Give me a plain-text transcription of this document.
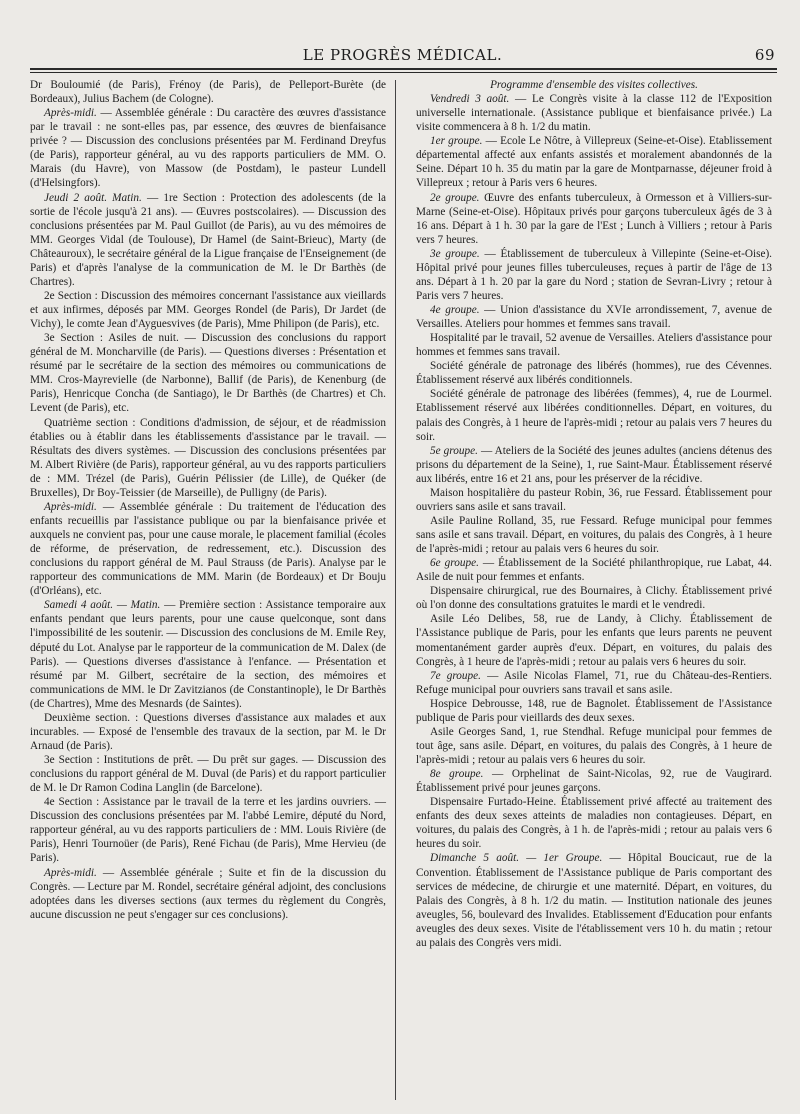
LE PROGRÈS MÉDICAL.	69

Dr Bouloumié (de Paris), Frénoy (de Paris), de Pelleport-Burète (de Bordeaux), Julius Bachem (de Cologne).

Après-midi. — Assemblée générale : Du caractère des œuvres d'assistance par le travail : ne sont-elles pas, par essence, des œuvres de bienfaisance privée ? — Discussion des conclusions présentées par M. Ferdinand Dreyfus (de Paris), rapporteur général, au vu des rapports particuliers de MM. O. Marais (du Havre), von Massow (de Postdam), le pasteur Lundell (d'Helsingfors).

Jeudi 2 août. Matin. — 1re Section : Protection des adolescents (de la sortie de l'école jusqu'à 21 ans). — Œuvres postscolaires). — Discussion des conclusions présentées par M. Paul Guillot (de Paris), au vu des mémoires de MM. Georges Vidal (de Toulouse), Dr Hamel (de Saint-Brieuc), Marty (de Châteauroux), le secrétaire général de la Ligue française de l'Enseignement (de Paris) et d'après l'analyse de la communication de M. le Dr Barthès (de Chartres).

2e Section : Discussion des mémoires concernant l'assistance aux vieillards et aux infirmes, déposés par MM. Georges Rondel (de Paris), Dr Jardet (de Vichy), le comte Jean d'Ayguesvives (de Paris), Mme Philipon (de Paris), etc.

3e Section : Asiles de nuit. — Discussion des conclusions du rapport général de M. Moncharville (de Paris). — Questions diverses : Présentation et résumé par le secrétaire de la section des mémoires ou communications de MM. Cros-Mayrevielle (de Narbonne), Ballif (de Paris), de Kenenburg (de Paris), Henricque Concha (de Santiago), le Dr Barthès (de Chartres) et Ch. Levent (de Paris), etc.

Quatrième section : Conditions d'admission, de séjour, et de réadmission établies ou à établir dans les établissements d'assistance par le travail. — Résultats des divers systèmes. — Discussion des conclusions présentées par M. Albert Rivière (de Paris), rapporteur général, au vu des rapports particuliers de : MM. Trézel (de Paris), Guérin Pélissier (de Lille), de Quéker (de Bruxelles), Dr Boy-Teissier (de Marseille), de Pulligny (de Paris).

Après-midi. — Assemblée générale : Du traitement de l'éducation des enfants recueillis par l'assistance publique ou par la bienfaisance privée et auxquels ne convient pas, pour une cause morale, le placement familial (écoles de réforme, de préservation, de redressement, etc.). Discussion des conclusions du rapport général de M. Paul Strauss (de Paris). Analyse par le rapporteur des communications de MM. Marin (de Bordeaux) et Dr Bouju (d'Orléans), etc.

Samedi 4 août. — Matin. — Première section : Assistance temporaire aux enfants pendant que leurs parents, pour une cause quelconque, sont dans l'impossibilité de les soutenir. — Discussion des conclusions de M. Emile Rey, député du Lot. Analyse par le rapporteur de la communication de M. Dalex (de Paris). — Questions diverses d'assistance à l'enfance. — Présentation et résumé par M. Gilbert, secrétaire de la section, des mémoires et communications de MM. le Dr Zavitzianos (de Constantinople), le Dr Barthès (de Chartres), Mme des Mesnards (de Saintes).

Deuxième section. : Questions diverses d'assistance aux malades et aux incurables. — Exposé de l'ensemble des travaux de la section, par M. le Dr Arnaud (de Paris).

3e Section : Institutions de prêt. — Du prêt sur gages. — Discussion des conclusions du rapport général de M. Duval (de Paris) et du rapport particulier de M. le Dr Ramon Codina Langlin (de Barcelone).

4e Section : Assistance par le travail de la terre et les jardins ouvriers. — Discussion des conclusions présentées par M. l'abbé Lemire, député du Nord, rapporteur général, au vu des rapports particuliers de : MM. Louis Rivière (de Paris), Henri Tournoüer (de Paris), René Fichau (de Paris), Mme Hervieu (de Paris).

Après-midi. — Assemblée générale ; Suite et fin de la discussion du Congrès. — Lecture par M. Rondel, secrétaire général adjoint, des conclusions adoptées dans les diverses sections (aux termes du règlement du Congrès, aucune discussion ne peut s'engager sur ces conclusions).

Programme d'ensemble des visites collectives.

Vendredi 3 août. — Le Congrès visite à la classe 112 de l'Exposition universelle internationale. (Assistance publique et bienfaisance privée.) La visite commencera à 8 h. 1/2 du matin.

1er groupe. — Ecole Le Nôtre, à Villepreux (Seine-et-Oise). Etablissement départemental affecté aux enfants assistés et moralement abandonnés de la Seine. Départ 10 h. 35 du matin par la gare de Montparnasse, déjeuner froid à Villepreux ; retour à Paris vers 6 heures.

2e groupe. Œuvre des enfants tuberculeux, à Ormesson et à Villiers-sur-Marne (Seine-et-Oise). Hôpitaux privés pour garçons tuberculeux âgés de 3 à 16 ans. Départ à 1 h. 30 par la gare de l'Est ; Lunch à Villiers ; retour à Paris vers 7 heures.

3e groupe. — Établissement de tuberculeux à Villepinte (Seine-et-Oise). Hôpital privé pour jeunes filles tuberculeuses, reçues à partir de l'âge de 13 ans. Départ à 1 h. 20 par la gare du Nord ; station de Sevran-Livry ; retour à Paris vers 7 heures.

4e groupe. — Union d'assistance du XVIe arrondissement, 7, avenue de Versailles. Ateliers pour hommes et femmes sans travail.

Hospitalité par le travail, 52 avenue de Versailles. Ateliers d'assistance pour hommes et femmes sans travail.

Société générale de patronage des libérés (hommes), rue des Cévennes. Établissement réservé aux libérés conditionnels.

Société générale de patronage des libérées (femmes), 4, rue de Lourmel. Etablissement réservé aux libérées conditionnelles. Départ, en voitures, du palais des Congrès, à 1 heure de l'après-midi ; retour au palais vers 7 heures du soir.

5e groupe. — Ateliers de la Société des jeunes adultes (anciens détenus des prisons du département de la Seine), 1, rue Saint-Maur. Établissement réservé aux libérés, entre 16 et 21 ans, pour les préserver de la récidive.

Maison hospitalière du pasteur Robin, 36, rue Fessard. Établissement pour ouvriers sans asile et sans travail.

Asile Pauline Rolland, 35, rue Fessard. Refuge municipal pour femmes sans asile et sans travail. Départ, en voitures, du palais des Congrès, à 1 heure de l'après-midi ; retour au palais vers 6 heures du soir.

6e groupe. — Établissement de la Société philanthropique, rue Labat, 44. Asile de nuit pour femmes et enfants.

Dispensaire chirurgical, rue des Bournaires, à Clichy. Établissement privé où l'on donne des consultations gratuites le mardi et le vendredi.

Asile Léo Delibes, 58, rue de Landy, à Clichy. Établissement de l'Assistance publique de Paris, pour les enfants que leurs parents ne peuvent momentanément garder auprès d'eux. Départ, en voitures, du palais des Congrès, à 1 heure de l'après-midi ; retour au palais vers 6 heures du soir.

7e groupe. — Asile Nicolas Flamel, 71, rue du Château-des-Rentiers. Refuge municipal pour ouvriers sans travail et sans asile.

Hospice Debrousse, 148, rue de Bagnolet. Établissement de l'Assistance publique de Paris pour vieillards des deux sexes.

Asile Georges Sand, 1, rue Stendhal. Refuge municipal pour femmes de tout âge, sans asile. Départ, en voitures, du palais des Congrès, à 1 heure de l'après-midi ; retour au palais vers 6 heures du soir.

8e groupe. — Orphelinat de Saint-Nicolas, 92, rue de Vaugirard. Établissement privé pour jeunes garçons.

Dispensaire Furtado-Heine. Établissement privé affecté au traitement des enfants des deux sexes atteints de maladies non contagieuses. Départ, en voitures, du palais des Congrès, à 1 h. de l'après-midi ; retour au palais vers 6 heures du soir.

Dimanche 5 août. — 1er Groupe. — Hôpital Boucicaut, rue de la Convention. Établissement de l'Assistance publique de Paris comportant des services de médecine, de chirurgie et une maternité. Départ, en voitures, du Palais des Congrès, à 8 h. 1/2 du matin. — Institution nationale des jeunes aveugles, 56, boulevard des Invalides. Etablissement d'Education pour enfants aveugles des deux sexes. Visite de l'établissement vers 10 h. du matin ; retour au palais des Congrès vers midi.
